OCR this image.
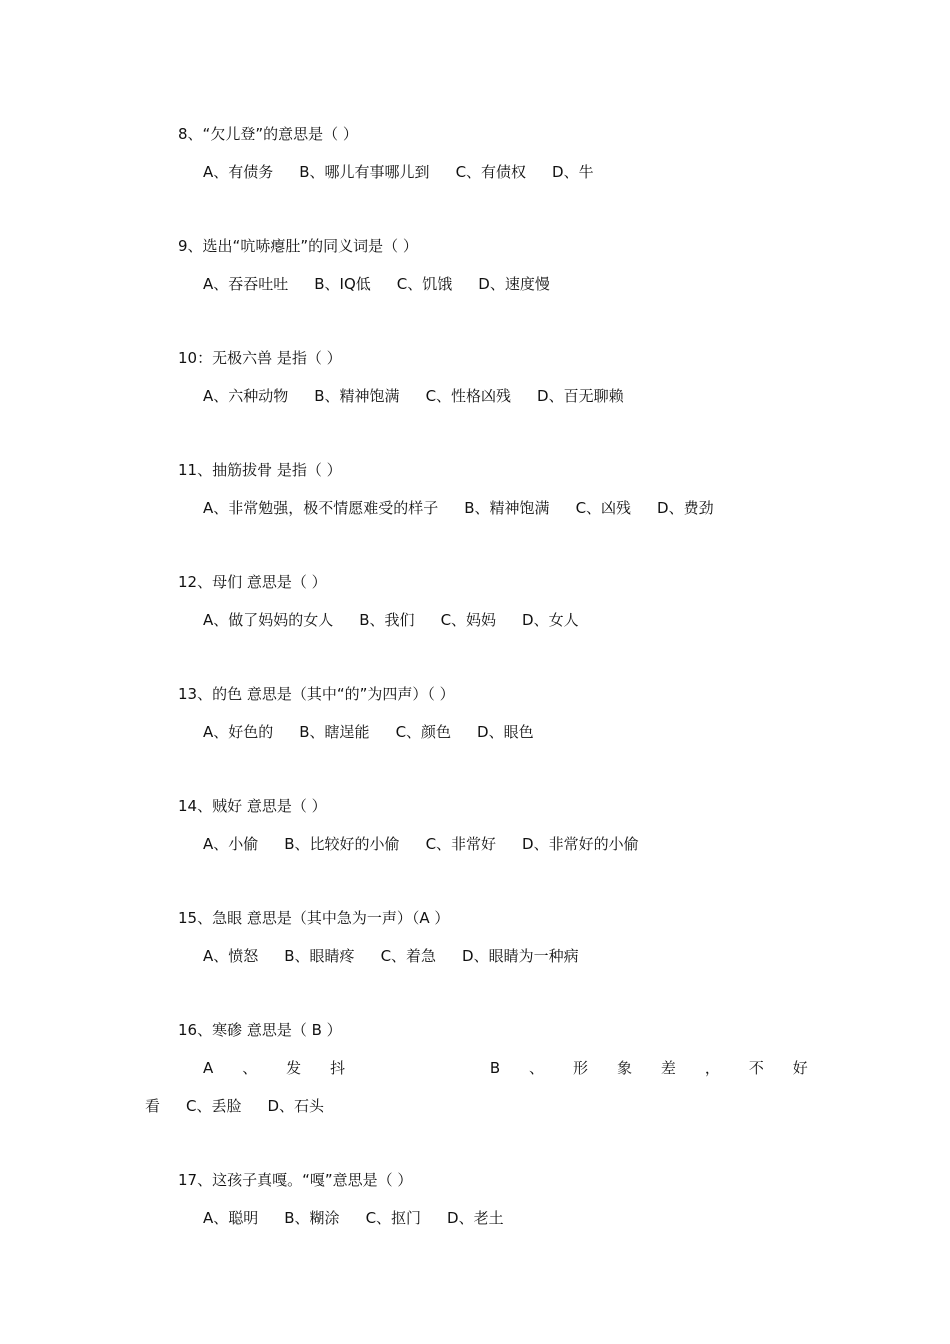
8、“欠儿登”的意思是（ ）
A、有债务 B、哪儿有事哪儿到 C、有债权 D、牛
9、选出“吭哧瘪肚”的同义词是（ ）
A、吞吞吐吐 B、IQ低 C、饥饿 D、速度慢
10：无极六兽 是指（ ）
A、六种动物 B、精神饱满 C、性格凶残 D、百无聊赖
11、抽筋拔骨 是指（ ）
A、非常勉强，极不情愿难受的样子 B、精神饱满 C、凶残 D、费劲
12、母们 意思是（ ）
A、做了妈妈的女人 B、我们 C、妈妈 D、女人
13、的色 意思是（其中“的”为四声）（ ）
A、好色的 B、瞎逞能 C、颜色 D、眼色
14、贼好 意思是（ ）
A、小偷 B、比较好的小偷 C、非常好 D、非常好的小偷
15、急眼 意思是（其中急为一声）（A ）
A、愤怒 B、眼睛疼 C、着急 D、眼睛为一种病
16、寒碜 意思是（ B ）
A 、 发 抖	B 、 形 象 差 ， 不 好
看 C、丢脸 D、石头
17、这孩子真嘎。“嘎”意思是（ ）
A、聪明 B、糊涂 C、抠门 D、老土
